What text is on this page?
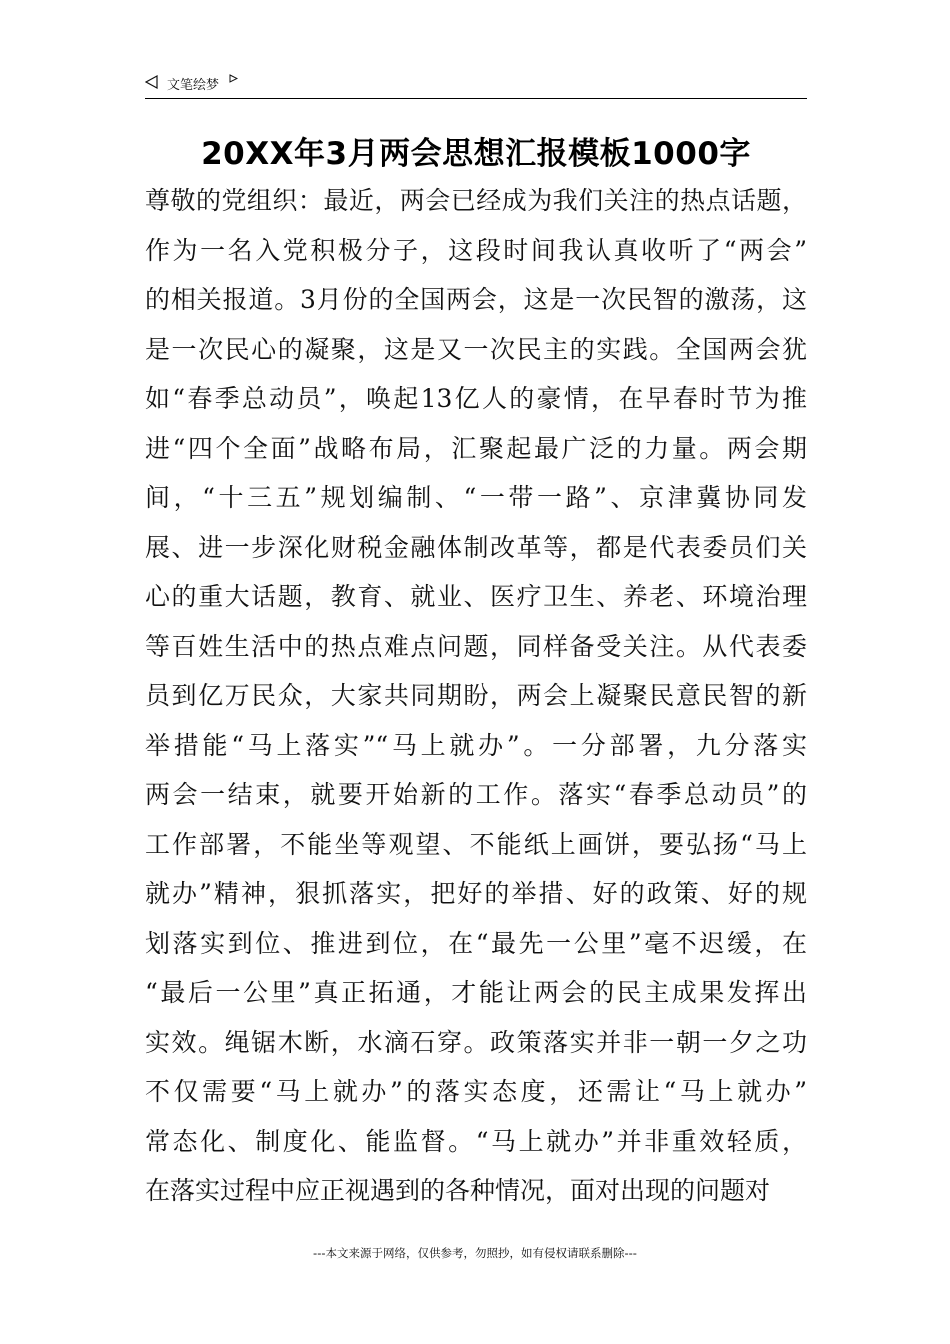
文笔绘梦
20XX年3月两会思想汇报模板1000字
尊敬的党组织：最近，两会已经成为我们关注的热点话题，
作为一名入党积极分子，这段时间我认真收听了“两会”
的相关报道。3月份的全国两会，这是一次民智的激荡，这
是一次民心的凝聚，这是又一次民主的实践。全国两会犹
如“春季总动员”，唤起13亿人的豪情，在早春时节为推
进“四个全面”战略布局，汇聚起最广泛的力量。两会期
间，“十三五”规划编制、“一带一路”、京津冀协同发
展、进一步深化财税金融体制改革等，都是代表委员们关
心的重大话题，教育、就业、医疗卫生、养老、环境治理
等百姓生活中的热点难点问题，同样备受关注。从代表委
员到亿万民众，大家共同期盼，两会上凝聚民意民智的新
举措能“马上落实”“马上就办”。一分部署，九分落实
两会一结束，就要开始新的工作。落实“春季总动员”的
工作部署，不能坐等观望、不能纸上画饼，要弘扬“马上
就办”精神，狠抓落实，把好的举措、好的政策、好的规
划落实到位、推进到位，在“最先一公里”毫不迟缓，在
“最后一公里”真正拓通，才能让两会的民主成果发挥出
实效。绳锯木断，水滴石穿。政策落实并非一朝一夕之功
不仅需要“马上就办”的落实态度，还需让“马上就办”
常态化、制度化、能监督。“马上就办”并非重效轻质，
在落实过程中应正视遇到的各种情况，面对出现的问题对
---本文来源于网络，仅供参考，勿照抄，如有侵权请联系删除---
